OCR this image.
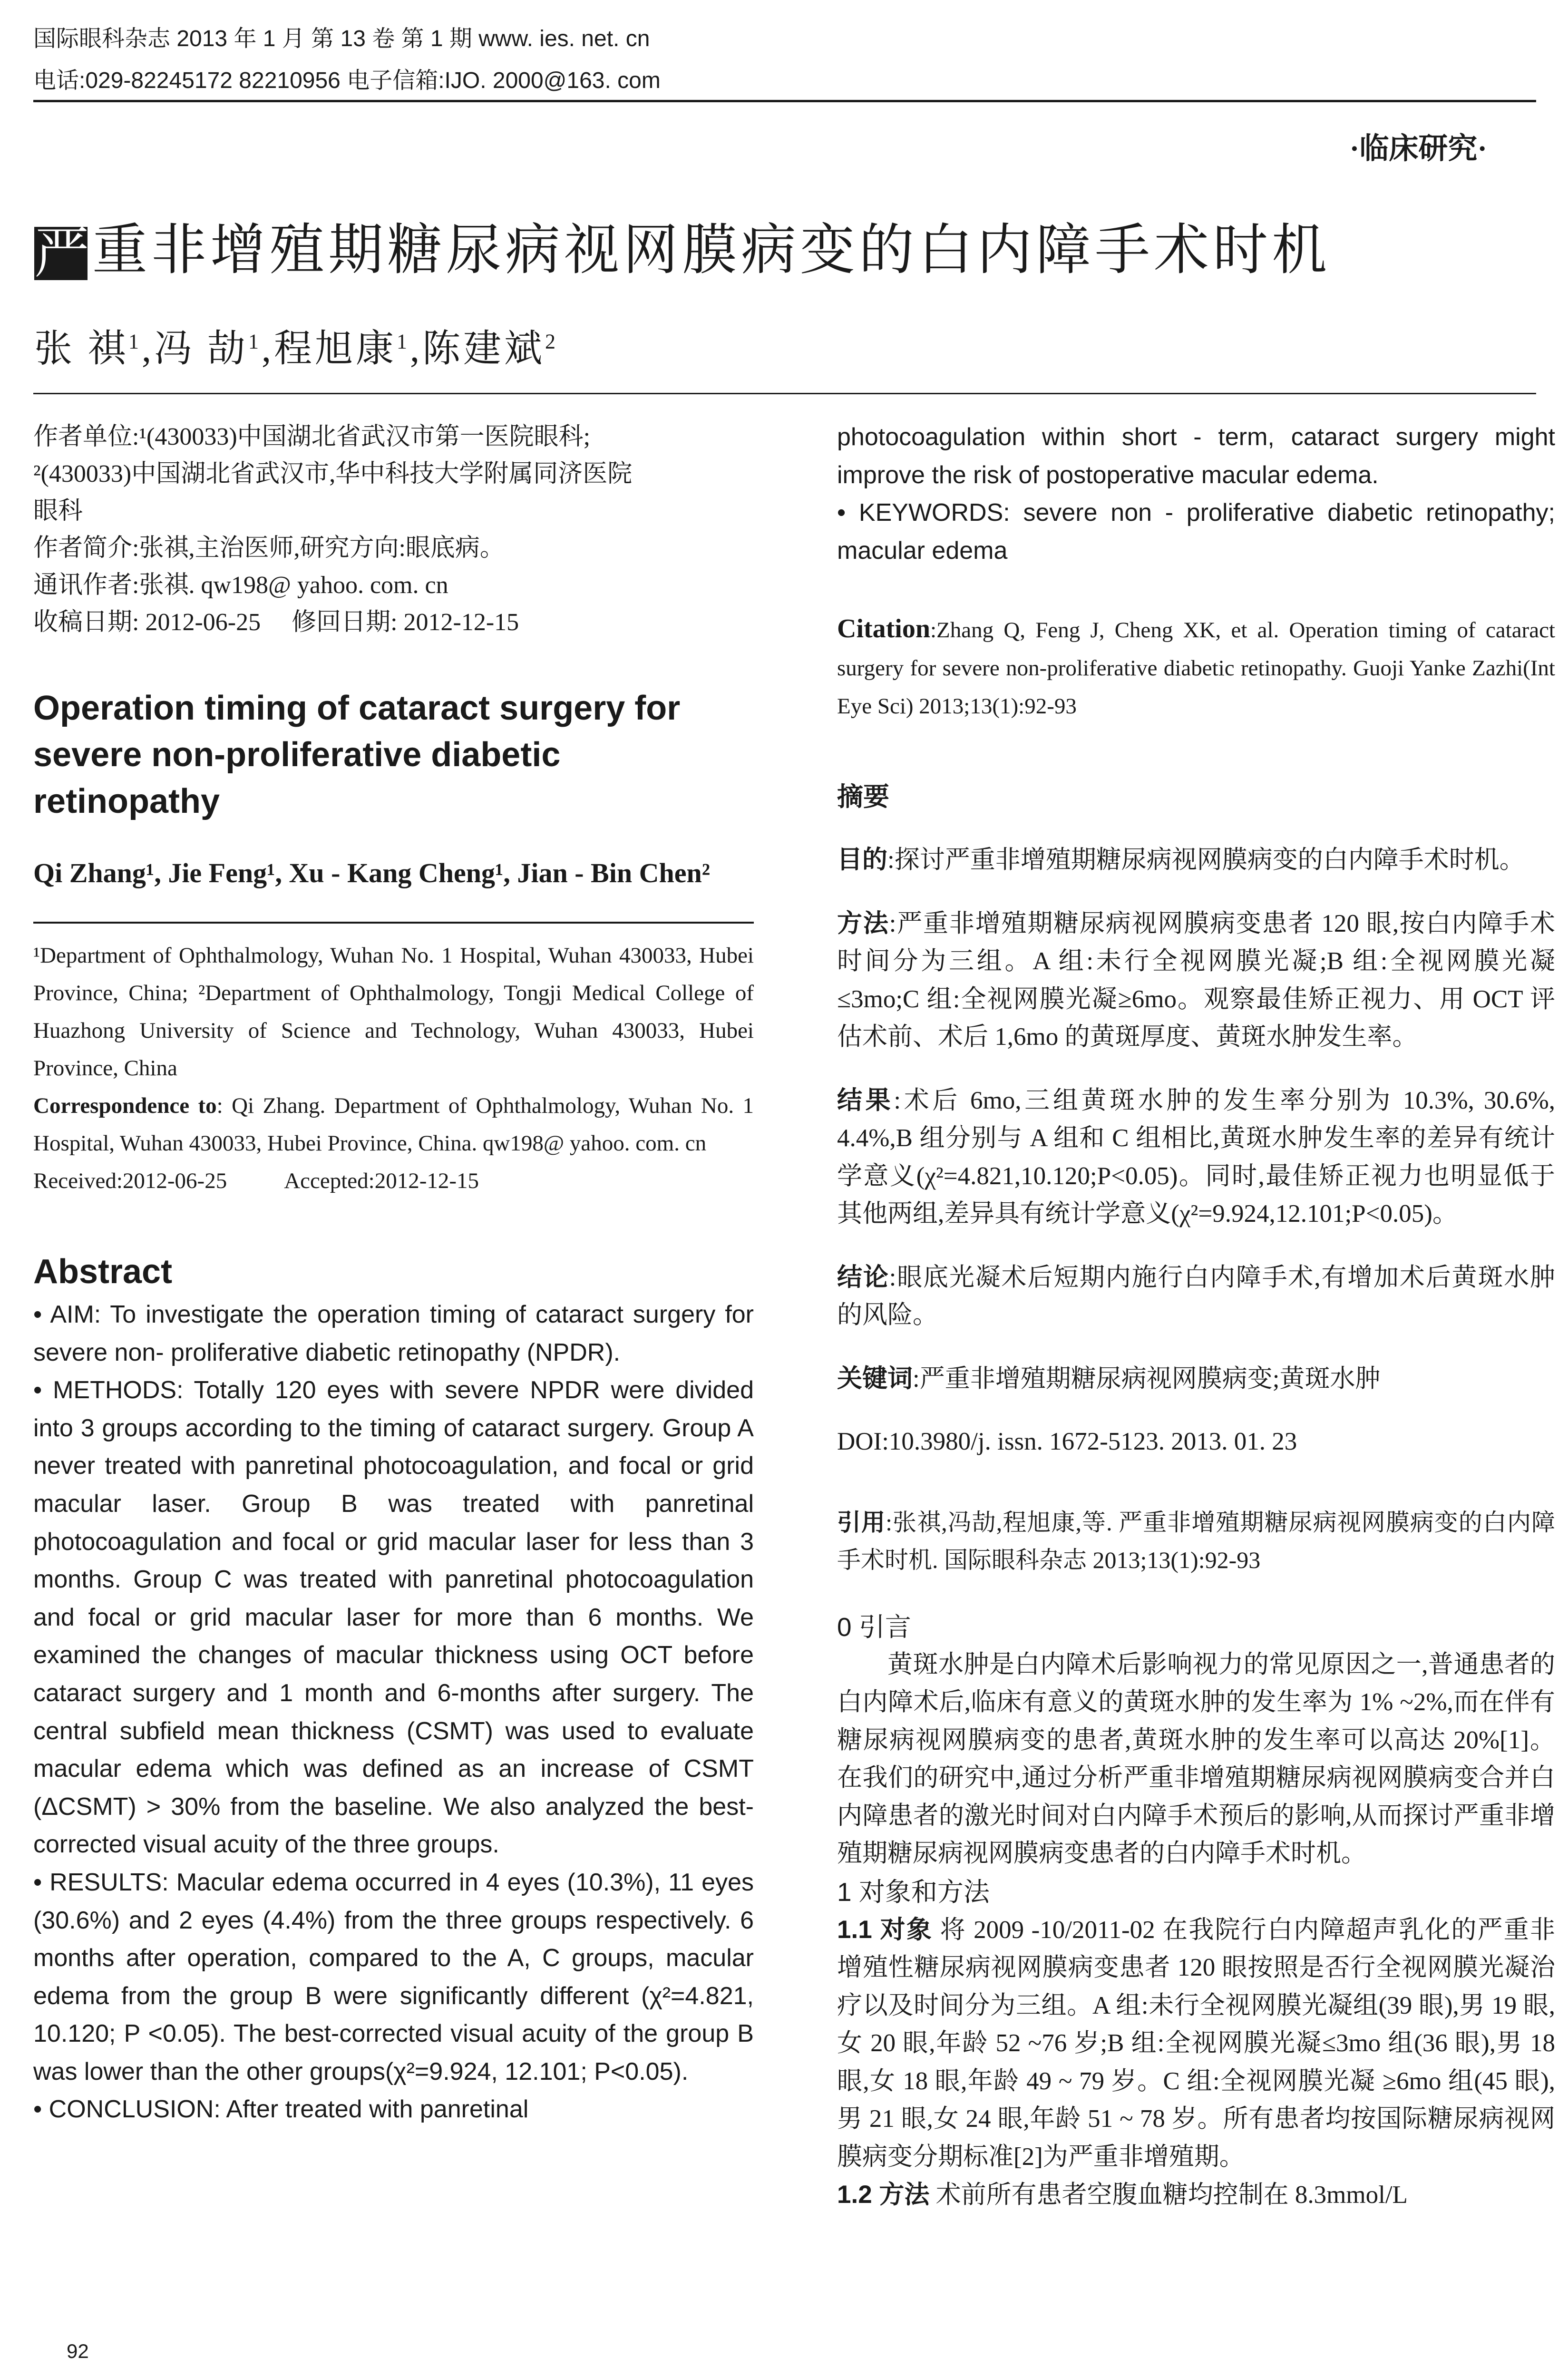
国际眼科杂志 2013 年 1 月 第 13 卷 第 1 期 www. ies. net. cn
电话:029-82245172 82210956 电子信箱:IJO. 2000@163. com
·临床研究·
严重非增殖期糖尿病视网膜病变的白内障手术时机
张 祺$^1$,冯 劼$^1$,程旭康$^1$,陈建斌$^2$

作者单位:¹(430033)中国湖北省武汉市第一医院眼科;

²(430033)中国湖北省武汉市,华中科技大学附属同济医院

眼科

作者简介:张祺,主治医师,研究方向:眼底病。
通讯作者:张祺. qw198@ yahoo. com. cn
收稿日期: 2012-06-25     修回日期: 2012-12-15
Operation timing of cataract surgery for severe non-proliferative diabetic retinopathy
Qi Zhang¹, Jie Feng¹, Xu - Kang Cheng¹, Jian - Bin Chen²
¹Department of Ophthalmology, Wuhan No. 1 Hospital, Wuhan 430033, Hubei Province, China; ²Department of Ophthalmology, Tongji Medical College of Huazhong University of Science and Technology, Wuhan 430033, Hubei Province, China
Correspondence to: Qi Zhang. Department of Ophthalmology, Wuhan No. 1 Hospital, Wuhan 430033, Hubei Province, China. qw198@ yahoo. com. cn
Received:2012-06-25	Accepted:2012-12-15
Abstract

• AIM: To investigate the operation timing of cataract surgery for severe non- proliferative diabetic retinopathy (NPDR).

• METHODS: Totally 120 eyes with severe NPDR were divided into 3 groups according to the timing of cataract surgery. Group A never treated with panretinal photocoagulation, and focal or grid macular laser. Group B was treated with panretinal photocoagulation and focal or grid macular laser for less than 3 months. Group C was treated with panretinal photocoagulation and focal or grid macular laser for more than 6 months. We examined the changes of macular thickness using OCT before cataract surgery and 1 month and 6-months after surgery. The central subfield mean thickness (CSMT) was used to evaluate macular edema which was defined as an increase of CSMT (ΔCSMT) > 30% from the baseline. We also analyzed the best-corrected visual acuity of the three groups.

• RESULTS: Macular edema occurred in 4 eyes (10.3%), 11 eyes (30.6%) and 2 eyes (4.4%) from the three groups respectively. 6 months after operation, compared to the A, C groups, macular edema from the group B were significantly different (χ²=4.821, 10.120; P <0.05). The best-corrected visual acuity of the group B was lower than the other groups(χ²=9.924, 12.101; P<0.05).

• CONCLUSION: After treated with panretinal

92
photocoagulation within short - term, cataract surgery might improve the risk of postoperative macular edema.
• KEYWORDS: severe non - proliferative diabetic retinopathy; macular edema
Citation:Zhang Q, Feng J, Cheng XK, et al. Operation timing of cataract surgery for severe non-proliferative diabetic retinopathy. Guoji Yanke Zazhi(Int Eye Sci) 2013;13(1):92-93
摘要

目的:探讨严重非增殖期糖尿病视网膜病变的白内障手术时机。

方法:严重非增殖期糖尿病视网膜病变患者 120 眼,按白内障手术时间分为三组。A 组:未行全视网膜光凝;B 组:全视网膜光凝≤3mo;C 组:全视网膜光凝≥6mo。观察最佳矫正视力、用 OCT 评估术前、术后 1,6mo 的黄斑厚度、黄斑水肿发生率。

结果:术后 6mo,三组黄斑水肿的发生率分别为 10.3%, 30.6%, 4.4%,B 组分别与 A 组和 C 组相比,黄斑水肿发生率的差异有统计学意义(χ²=4.821,10.120;P<0.05)。同时,最佳矫正视力也明显低于其他两组,差异具有统计学意义(χ²=9.924,12.101;P<0.05)。

结论:眼底光凝术后短期内施行白内障手术,有增加术后黄斑水肿的风险。

关键词:严重非增殖期糖尿病视网膜病变;黄斑水肿

DOI:10.3980/j. issn. 1672-5123. 2013. 01. 23

引用:张祺,冯劼,程旭康,等. 严重非增殖期糖尿病视网膜病变的白内障手术时机. 国际眼科杂志 2013;13(1):92-93
0 引言
黄斑水肿是白内障术后影响视力的常见原因之一,普通患者的白内障术后,临床有意义的黄斑水肿的发生率为 1% ~2%,而在伴有糖尿病视网膜病变的患者,黄斑水肿的发生率可以高达 20%[1]。在我们的研究中,通过分析严重非增殖期糖尿病视网膜病变合并白内障患者的激光时间对白内障手术预后的影响,从而探讨严重非增殖期糖尿病视网膜病变患者的白内障手术时机。
1 对象和方法
1.1 对象 将 2009 -10/2011-02 在我院行白内障超声乳化的严重非增殖性糖尿病视网膜病变患者 120 眼按照是否行全视网膜光凝治疗以及时间分为三组。A 组:未行全视网膜光凝组(39 眼),男 19 眼,女 20 眼,年龄 52 ~76 岁;B 组:全视网膜光凝≤3mo 组(36 眼),男 18 眼,女 18 眼,年龄 49 ~ 79 岁。C 组:全视网膜光凝 ≥6mo 组(45 眼),男 21 眼,女 24 眼,年龄 51 ~ 78 岁。所有患者均按国际糖尿病视网膜病变分期标准[2]为严重非增殖期。
1.2 方法 术前所有患者空腹血糖均控制在 8.3mmol/L
